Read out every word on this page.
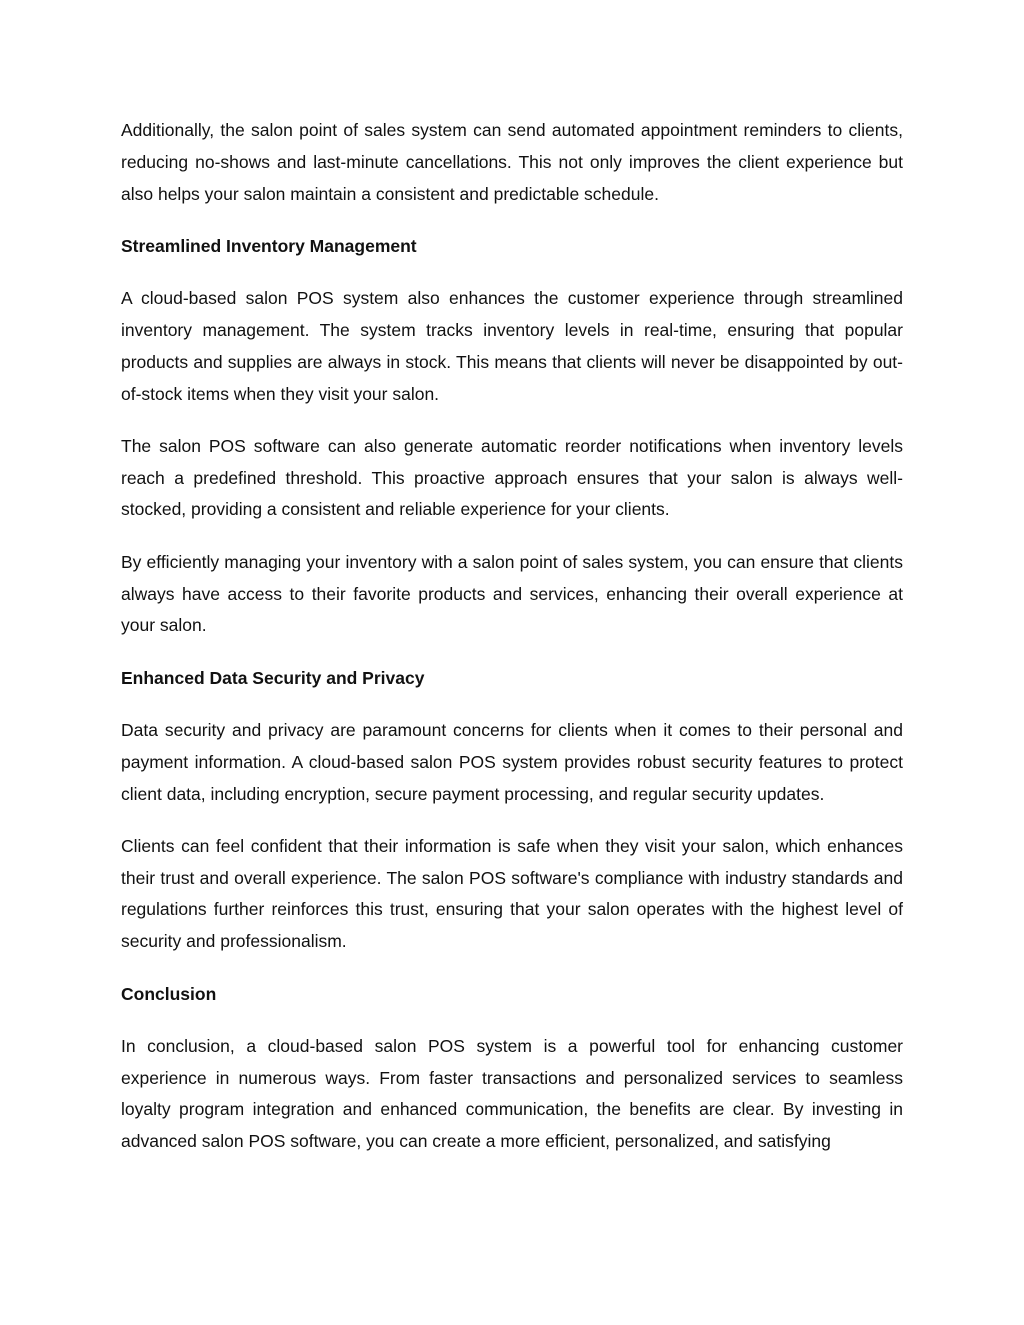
Additionally, the salon point of sales system can send automated appointment reminders to clients, reducing no-shows and last-minute cancellations. This not only improves the client experience but also helps your salon maintain a consistent and predictable schedule.

Streamlined Inventory Management

A cloud-based salon POS system also enhances the customer experience through streamlined inventory management. The system tracks inventory levels in real-time, ensuring that popular products and supplies are always in stock. This means that clients will never be disappointed by out-of-stock items when they visit your salon.

The salon POS software can also generate automatic reorder notifications when inventory levels reach a predefined threshold. This proactive approach ensures that your salon is always well-stocked, providing a consistent and reliable experience for your clients.

By efficiently managing your inventory with a salon point of sales system, you can ensure that clients always have access to their favorite products and services, enhancing their overall experience at your salon.

Enhanced Data Security and Privacy

Data security and privacy are paramount concerns for clients when it comes to their personal and payment information. A cloud-based salon POS system provides robust security features to protect client data, including encryption, secure payment processing, and regular security updates.

Clients can feel confident that their information is safe when they visit your salon, which enhances their trust and overall experience. The salon POS software's compliance with industry standards and regulations further reinforces this trust, ensuring that your salon operates with the highest level of security and professionalism.

Conclusion

In conclusion, a cloud-based salon POS system is a powerful tool for enhancing customer experience in numerous ways. From faster transactions and personalized services to seamless loyalty program integration and enhanced communication, the benefits are clear. By investing in advanced salon POS software, you can create a more efficient, personalized, and satisfying
